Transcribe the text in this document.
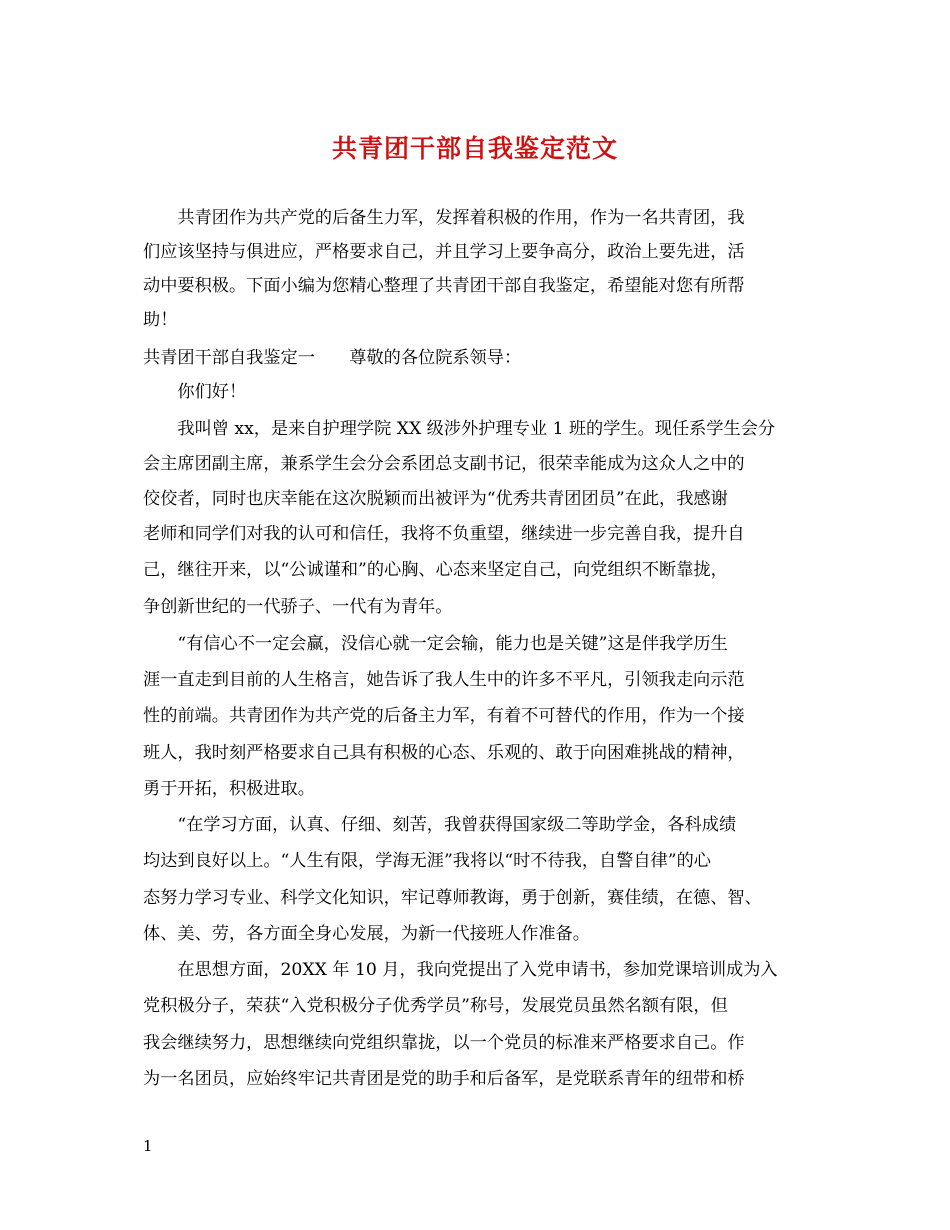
共青团干部自我鉴定范文
　　共青团作为共产党的后备生力军，发挥着积极的作用，作为一名共青团，我
们应该坚持与俱进应，严格要求自己，并且学习上要争高分，政治上要先进，活
动中要积极。下面小编为您精心整理了共青团干部自我鉴定，希望能对您有所帮
助！
共青团干部自我鉴定一　　尊敬的各位院系领导：
　　你们好！
　　我叫曾 xx，是来自护理学院 XX 级涉外护理专业 1 班的学生。现任系学生会分
会主席团副主席，兼系学生会分会系团总支副书记，很荣幸能成为这众人之中的
佼佼者，同时也庆幸能在这次脱颖而出被评为“优秀共青团团员”在此，我感谢
老师和同学们对我的认可和信任，我将不负重望，继续进一步完善自我，提升自
己，继往开来，以“公诚谨和”的心胸、心态来坚定自己，向党组织不断靠拢，
争创新世纪的一代骄子、一代有为青年。
　　“有信心不一定会赢，没信心就一定会输，能力也是关键”这是伴我学历生
涯一直走到目前的人生格言，她告诉了我人生中的许多不平凡，引领我走向示范
性的前端。共青团作为共产党的后备主力军，有着不可替代的作用，作为一个接
班人，我时刻严格要求自己具有积极的心态、乐观的、敢于向困难挑战的精神，
勇于开拓，积极进取。
　　“在学习方面，认真、仔细、刻苦，我曾获得国家级二等助学金，各科成绩
均达到良好以上。“人生有限，学海无涯”我将以“时不待我，自警自律”的心
态努力学习专业、科学文化知识，牢记尊师教诲，勇于创新，赛佳绩，在德、智、
体、美、劳，各方面全身心发展，为新一代接班人作准备。
　　在思想方面，20XX 年 10 月，我向党提出了入党申请书，参加党课培训成为入
党积极分子，荣获“入党积极分子优秀学员”称号，发展党员虽然名额有限，但
我会继续努力，思想继续向党组织靠拢，以一个党员的标准来严格要求自己。作
为一名团员，应始终牢记共青团是党的助手和后备军，是党联系青年的纽带和桥
1
